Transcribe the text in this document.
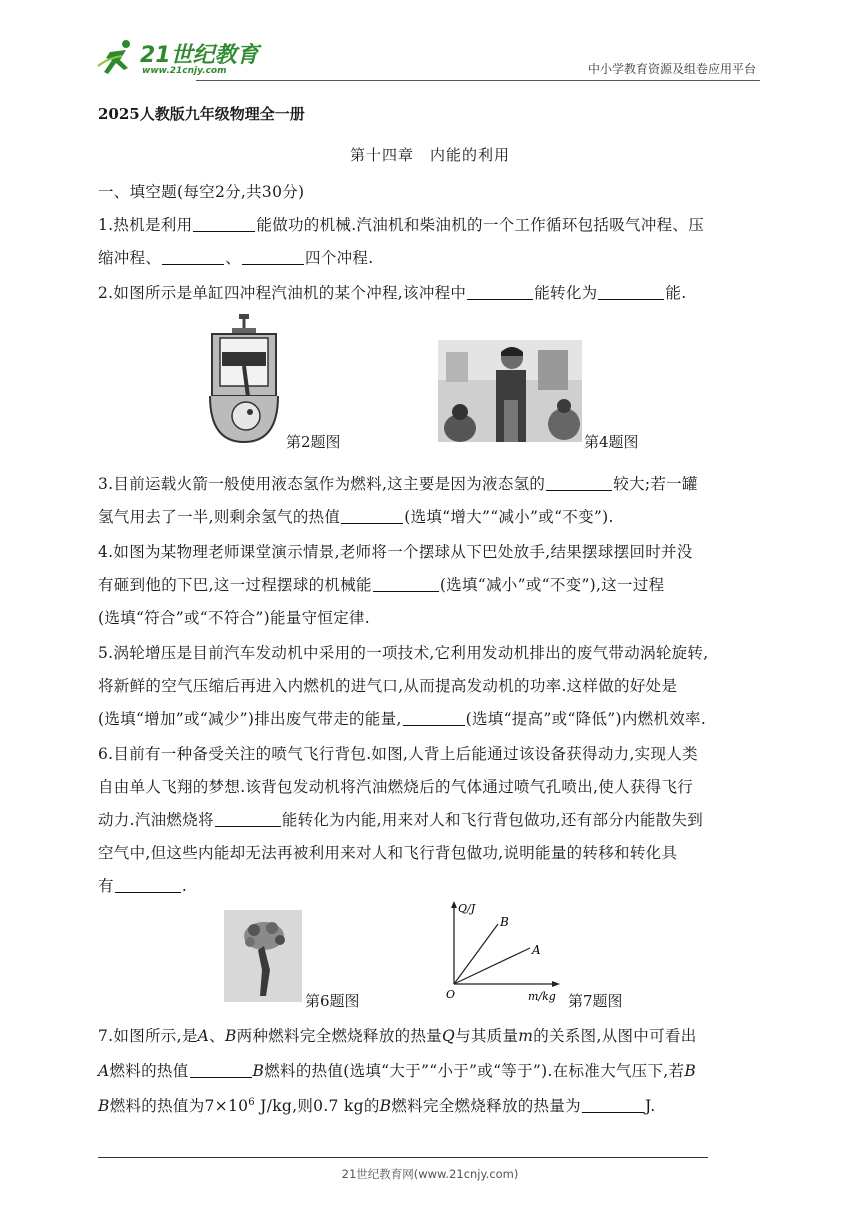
21世纪教育
www.21cnjy.com	中小学教育资源及组卷应用平台
2025人教版九年级物理全一册
第十四章　内能的利用
一、填空题(每空2分,共30分)
1.热机是利用	能做功的机械.汽油机和柴油机的一个工作循环包括吸气冲程、压
缩冲程、	、	四个冲程.
2.如图所示是单缸四冲程汽油机的某个冲程,该冲程中	能转化为	能.
第2题图	第4题图
3.目前运载火箭一般使用液态氢作为燃料,这主要是因为液态氢的	较大;若一罐
氢气用去了一半,则剩余氢气的热值	(选填“增大”“减小”或“不变”).
4.如图为某物理老师课堂演示情景,老师将一个摆球从下巴处放手,结果摆球摆回时并没
有砸到他的下巴,这一过程摆球的机械能	(选填“减小”或“不变”),这一过程
(选填“符合”或“不符合”)能量守恒定律.
5.涡轮增压是目前汽车发动机中采用的一项技术,它利用发动机排出的废气带动涡轮旋转,
将新鲜的空气压缩后再进入内燃机的进气口,从而提高发动机的功率.这样做的好处是
(选填“增加”或“减少”)排出废气带走的能量,	(选填“提高”或“降低”)内燃机效率.
6.目前有一种备受关注的喷气飞行背包.如图,人背上后能通过该设备获得动力,实现人类
自由单人飞翔的梦想.该背包发动机将汽油燃烧后的气体通过喷气孔喷出,使人获得飞行
动力.汽油燃烧将	能转化为内能,用来对人和飞行背包做功,还有部分内能散失到
空气中,但这些内能却无法再被利用来对人和飞行背包做功,说明能量的转移和转化具
有	.
第6题图
Q/J
B
A
O	m/kg 第7题图
7.如图所示,是A、B两种燃料完全燃烧释放的热量Q与其质量m的关系图,从图中可看出
A燃料的热值	B燃料的热值(选填“大于”“小于”或“等于”).在标准大气压下,若B
B燃料的热值为$7\times 10^6$ J/kg,则0.7 kg的B燃料完全燃烧释放的热量为	J.
21世纪教育网(www.21cnjy.com)
